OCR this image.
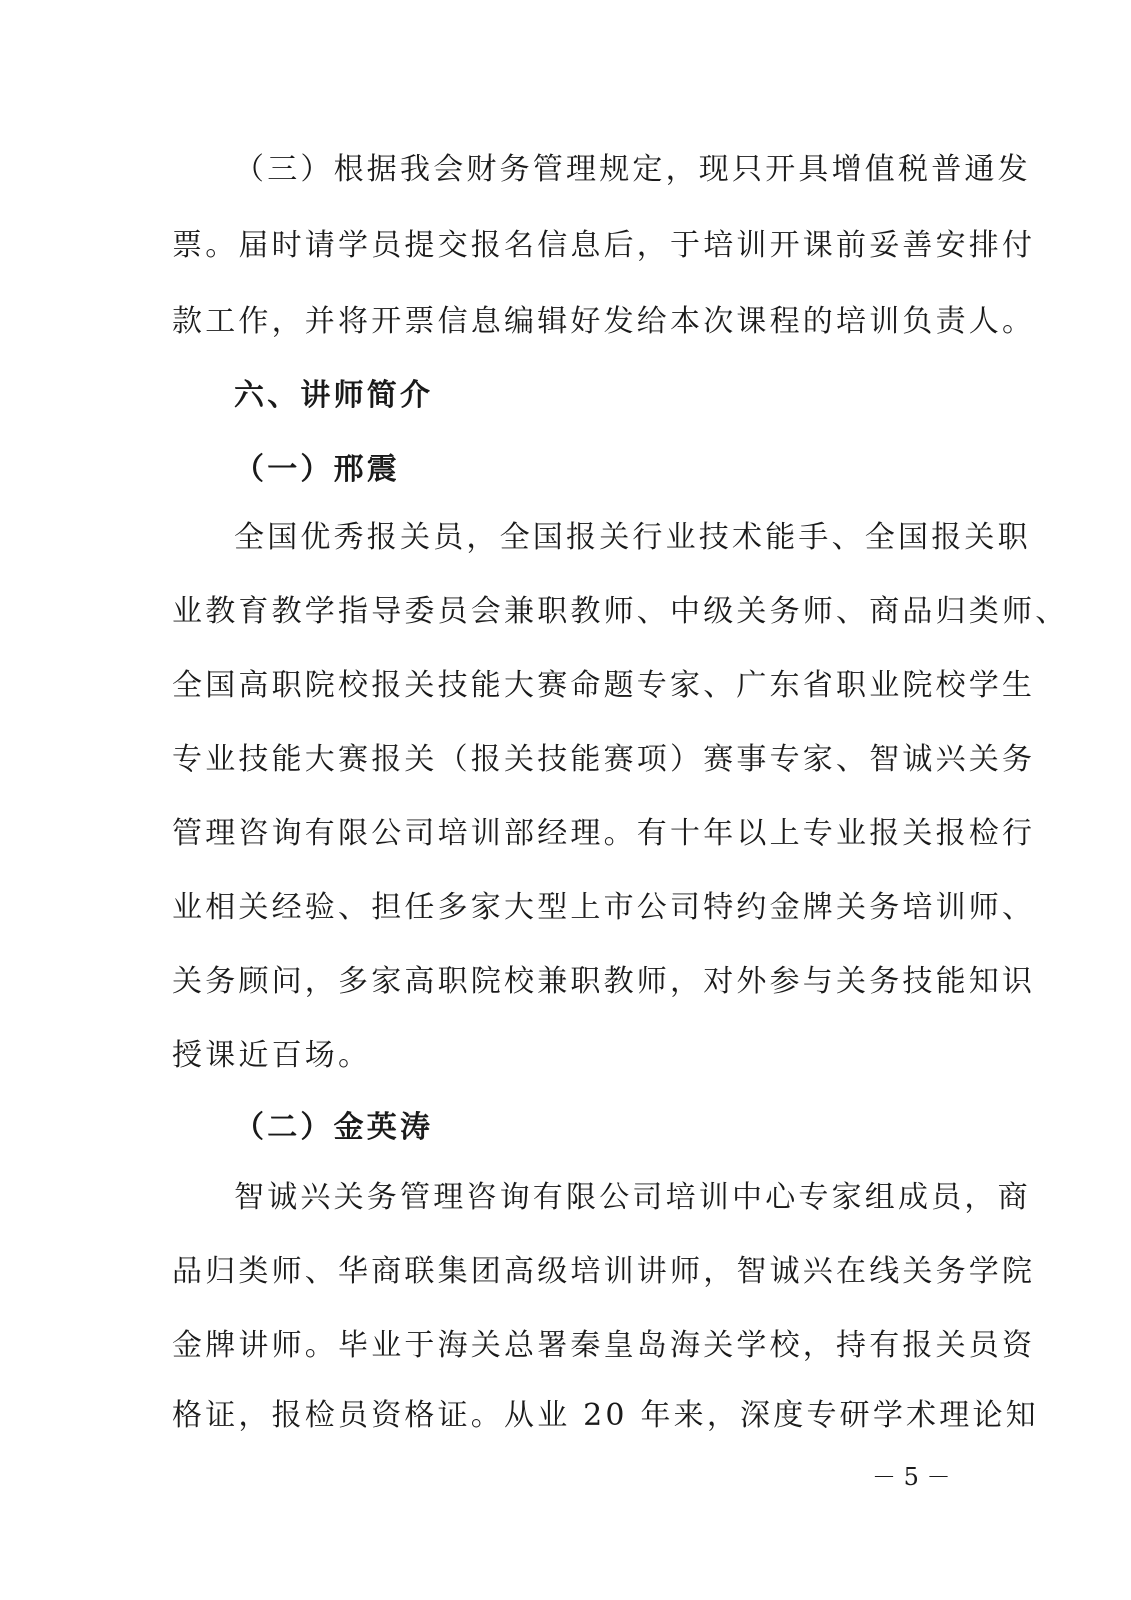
（三）根据我会财务管理规定，现只开具增值税普通发
票。届时请学员提交报名信息后，于培训开课前妥善安排付
款工作，并将开票信息编辑好发给本次课程的培训负责人。
六、讲师简介
（一）邢震
全国优秀报关员，全国报关行业技术能手、全国报关职
业教育教学指导委员会兼职教师、中级关务师、商品归类师、
全国高职院校报关技能大赛命题专家、广东省职业院校学生
专业技能大赛报关（报关技能赛项）赛事专家、智诚兴关务
管理咨询有限公司培训部经理。有十年以上专业报关报检行
业相关经验、担任多家大型上市公司特约金牌关务培训师、
关务顾问，多家高职院校兼职教师，对外参与关务技能知识
授课近百场。
（二）金英涛
智诚兴关务管理咨询有限公司培训中心专家组成员，商
品归类师、华商联集团高级培训讲师，智诚兴在线关务学院
金牌讲师。毕业于海关总署秦皇岛海关学校，持有报关员资
格证，报检员资格证。从业 20 年来，深度专研学术理论知
－ 5 －
